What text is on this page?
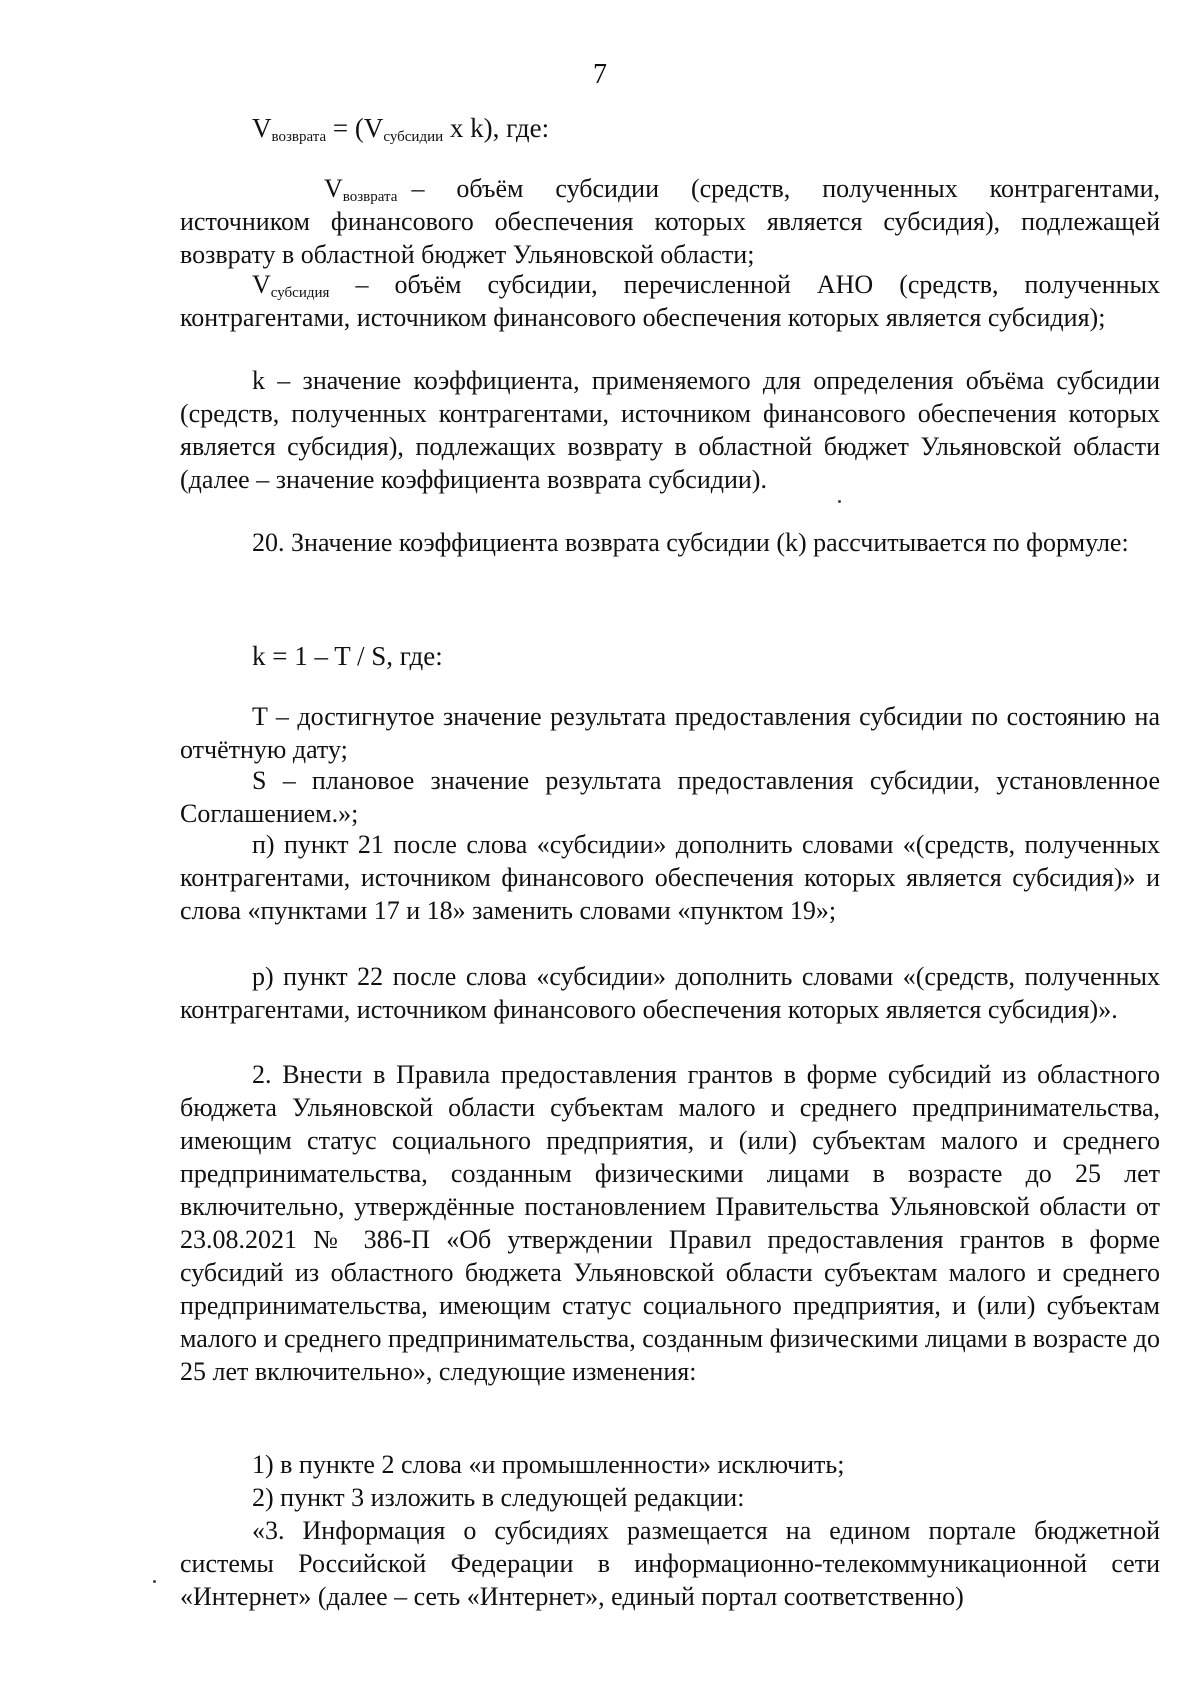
7
$V_{возврата} = (V_{субсидии}$ x k), где:
$V_{возврата}$ – объём субсидии (средств, полученных контрагентами, источником финансового обеспечения которых является субсидия), подлежащей возврату в областной бюджет Ульяновской области;
$V_{субсидия}$ – объём субсидии, перечисленной АНО (средств, полученных контрагентами, источником финансового обеспечения которых является субсидия);
k – значение коэффициента, применяемого для определения объёма субсидии (средств, полученных контрагентами, источником финансового обеспечения которых является субсидия), подлежащих возврату в областной бюджет Ульяновской области (далее – значение коэффициента возврата субсидии).
20. Значение коэффициента возврата субсидии (k) рассчитывается по формуле:
k = 1 – T / S, где:
T – достигнутое значение результата предоставления субсидии по состоянию на отчётную дату;
S – плановое значение результата предоставления субсидии, установленное Соглашением.»;
п) пункт 21 после слова «субсидии» дополнить словами «(средств, полученных контрагентами, источником финансового обеспечения которых является субсидия)» и слова «пунктами 17 и 18» заменить словами «пунктом 19»;
р) пункт 22 после слова «субсидии» дополнить словами «(средств, полученных контрагентами, источником финансового обеспечения которых является субсидия)».
2. Внести в Правила предоставления грантов в форме субсидий из областного бюджета Ульяновской области субъектам малого и среднего предпринимательства, имеющим статус социального предприятия, и (или) субъектам малого и среднего предпринимательства, созданным физическими лицами в возрасте до 25 лет включительно, утверждённые постановлением Правительства Ульяновской области от 23.08.2021 № 386-П «Об утверждении Правил предоставления грантов в форме субсидий из областного бюджета Ульяновской области субъектам малого и среднего предпринимательства, имеющим статус социального предприятия, и (или) субъектам малого и среднего предпринимательства, созданным физическими лицами в возрасте до 25 лет включительно», следующие изменения:
1) в пункте 2 слова «и промышленности» исключить;
2) пункт 3 изложить в следующей редакции:
«3. Информация о субсидиях размещается на едином портале бюджетной системы Российской Федерации в информационно-телекоммуникационной сети «Интернет» (далее – сеть «Интернет», единый портал соответственно)
